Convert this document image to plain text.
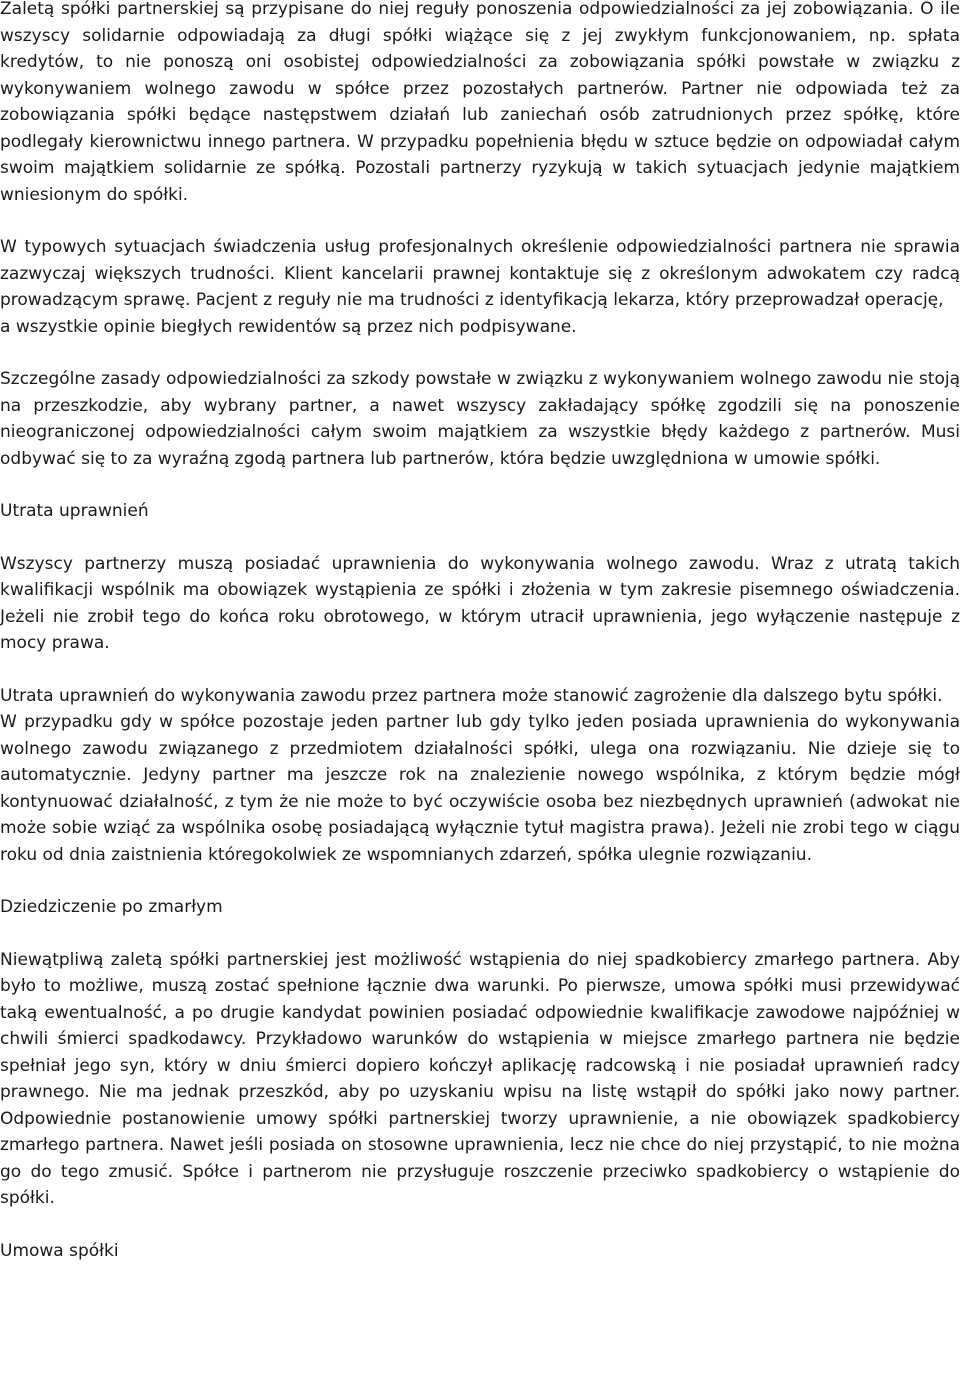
Zaletą spółki partnerskiej są przypisane do niej reguły ponoszenia odpowiedzialności za jej zobowiązania. O ile wszyscy solidarnie odpowiadają za długi spółki wiążące się z jej zwykłym funkcjonowaniem, np. spłata kredytów, to nie ponoszą oni osobistej odpowiedzialności za zobowiązania spółki powstałe w związku z wykonywaniem wolnego zawodu w spółce przez pozostałych partnerów. Partner nie odpowiada też za zobowiązania spółki będące następstwem działań lub zaniechań osób zatrudnionych przez spółkę, które podlegały kierownictwu innego partnera. W przypadku popełnienia błędu w sztuce będzie on odpowiadał całym swoim majątkiem solidarnie ze spółką. Pozostali partnerzy ryzykują w takich sytuacjach jedynie majątkiem wniesionym do spółki.

W typowych sytuacjach świadczenia usług profesjonalnych określenie odpowiedzialności partnera nie sprawia zazwyczaj większych trudności. Klient kancelarii prawnej kontaktuje się z określonym adwokatem czy radcą prowadzącym sprawę. Pacjent z reguły nie ma trudności z identyfikacją lekarza, który przeprowadzał operację,

a wszystkie opinie biegłych rewidentów są przez nich podpisywane.

Szczególne zasady odpowiedzialności za szkody powstałe w związku z wykonywaniem wolnego zawodu nie stoją na przeszkodzie, aby wybrany partner, a nawet wszyscy zakładający spółkę zgodzili się na ponoszenie nieograniczonej odpowiedzialności całym swoim majątkiem za wszystkie błędy każdego z partnerów. Musi odbywać się to za wyraźną zgodą partnera lub partnerów, która będzie uwzględniona w umowie spółki.

Utrata uprawnień

Wszyscy partnerzy muszą posiadać uprawnienia do wykonywania wolnego zawodu. Wraz z utratą takich kwalifikacji wspólnik ma obowiązek wystąpienia ze spółki i złożenia w tym zakresie pisemnego oświadczenia. Jeżeli nie zrobił tego do końca roku obrotowego, w którym utracił uprawnienia, jego wyłączenie następuje z mocy prawa.

Utrata uprawnień do wykonywania zawodu przez partnera może stanowić zagrożenie dla dalszego bytu spółki.

W przypadku gdy w spółce pozostaje jeden partner lub gdy tylko jeden posiada uprawnienia do wykonywania wolnego zawodu związanego z przedmiotem działalności spółki, ulega ona rozwiązaniu. Nie dzieje się to automatycznie. Jedyny partner ma jeszcze rok na znalezienie nowego wspólnika, z którym będzie mógł kontynuować działalność, z tym że nie może to być oczywiście osoba bez niezbędnych uprawnień (adwokat nie może sobie wziąć za wspólnika osobę posiadającą wyłącznie tytuł magistra prawa). Jeżeli nie zrobi tego w ciągu roku od dnia zaistnienia któregokolwiek ze wspomnianych zdarzeń, spółka ulegnie rozwiązaniu.

Dziedziczenie po zmarłym

Niewątpliwą zaletą spółki partnerskiej jest możliwość wstąpienia do niej spadkobiercy zmarłego partnera. Aby było to możliwe, muszą zostać spełnione łącznie dwa warunki. Po pierwsze, umowa spółki musi przewidywać taką ewentualność, a po drugie kandydat powinien posiadać odpowiednie kwalifikacje zawodowe najpóźniej w chwili śmierci spadkodawcy. Przykładowo warunków do wstąpienia w miejsce zmarłego partnera nie będzie spełniał jego syn, który w dniu śmierci dopiero kończył aplikację radcowską i nie posiadał uprawnień radcy prawnego. Nie ma jednak przeszkód, aby po uzyskaniu wpisu na listę wstąpił do spółki jako nowy partner. Odpowiednie postanowienie umowy spółki partnerskiej tworzy uprawnienie, a nie obowiązek spadkobiercy zmarłego partnera. Nawet jeśli posiada on stosowne uprawnienia, lecz nie chce do niej przystąpić, to nie można go do tego zmusić. Spółce i partnerom nie przysługuje roszczenie przeciwko spadkobiercy o wstąpienie do spółki.

Umowa spółki
